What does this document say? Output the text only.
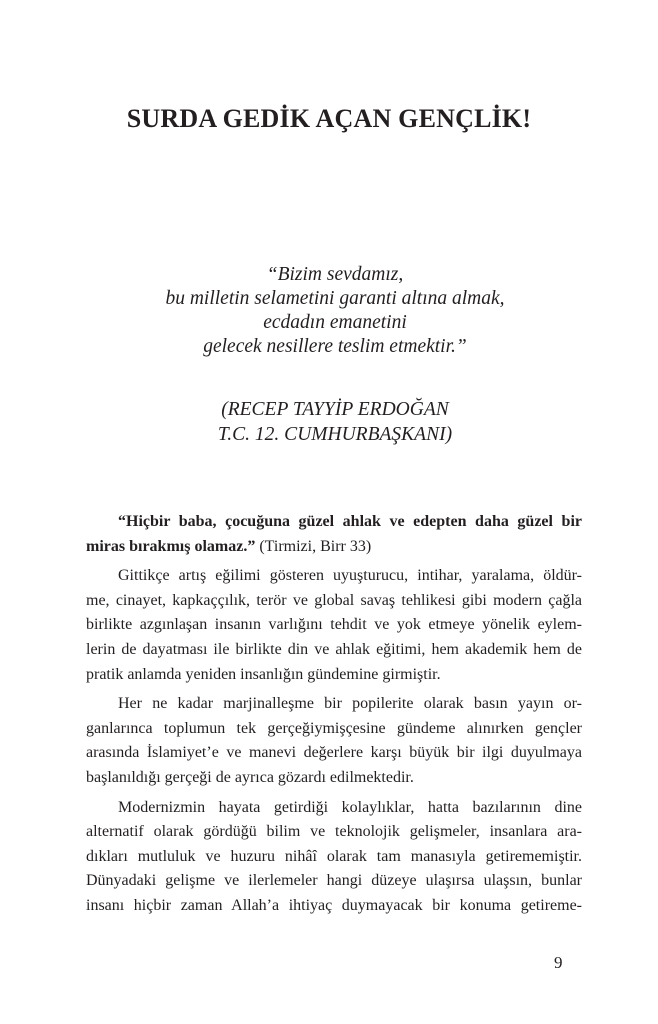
SURDA GEDİK AÇAN GENÇLİK!
“Bizim sevdamız,
bu milletin selametini garanti altına almak,
ecdadın emanetini
gelecek nesillere teslim etmektir.”
(RECEP TAYYİP ERDOĞAN
T.C. 12. CUMHURBAŞKANI)

“Hiçbir baba, çocuğuna güzel ahlak ve edepten daha güzel bir
miras bırakmış olamaz.” (Tirmizi, Birr 33)

Gittikçe artış eğilimi gösteren uyuşturucu, intihar, yaralama, öldür-
me, cinayet, kapkaççılık, terör ve global savaş tehlikesi gibi modern çağla
birlikte azgınlaşan insanın varlığını tehdit ve yok etmeye yönelik eylem-
lerin de dayatması ile birlikte din ve ahlak eğitimi, hem akademik hem de
pratik anlamda yeniden insanlığın gündemine girmiştir.

Her ne kadar marjinalleşme bir popilerite olarak basın yayın or-
ganlarınca toplumun tek gerçeğiymişçesine gündeme alınırken gençler
arasında İslamiyet’e ve manevi değerlere karşı büyük bir ilgi duyulmaya
başlanıldığı gerçeği de ayrıca gözardı edilmektedir.

Modernizmin hayata getirdiği kolaylıklar, hatta bazılarının dine
alternatif olarak gördüğü bilim ve teknolojik gelişmeler, insanlara ara-
dıkları mutluluk ve huzuru nihâî olarak tam manasıyla getirememiştir.
Dünyadaki gelişme ve ilerlemeler hangi düzeye ulaşırsa ulaşsın, bunlar
insanı hiçbir zaman Allah’a ihtiyaç duymayacak bir konuma getireme-

9
